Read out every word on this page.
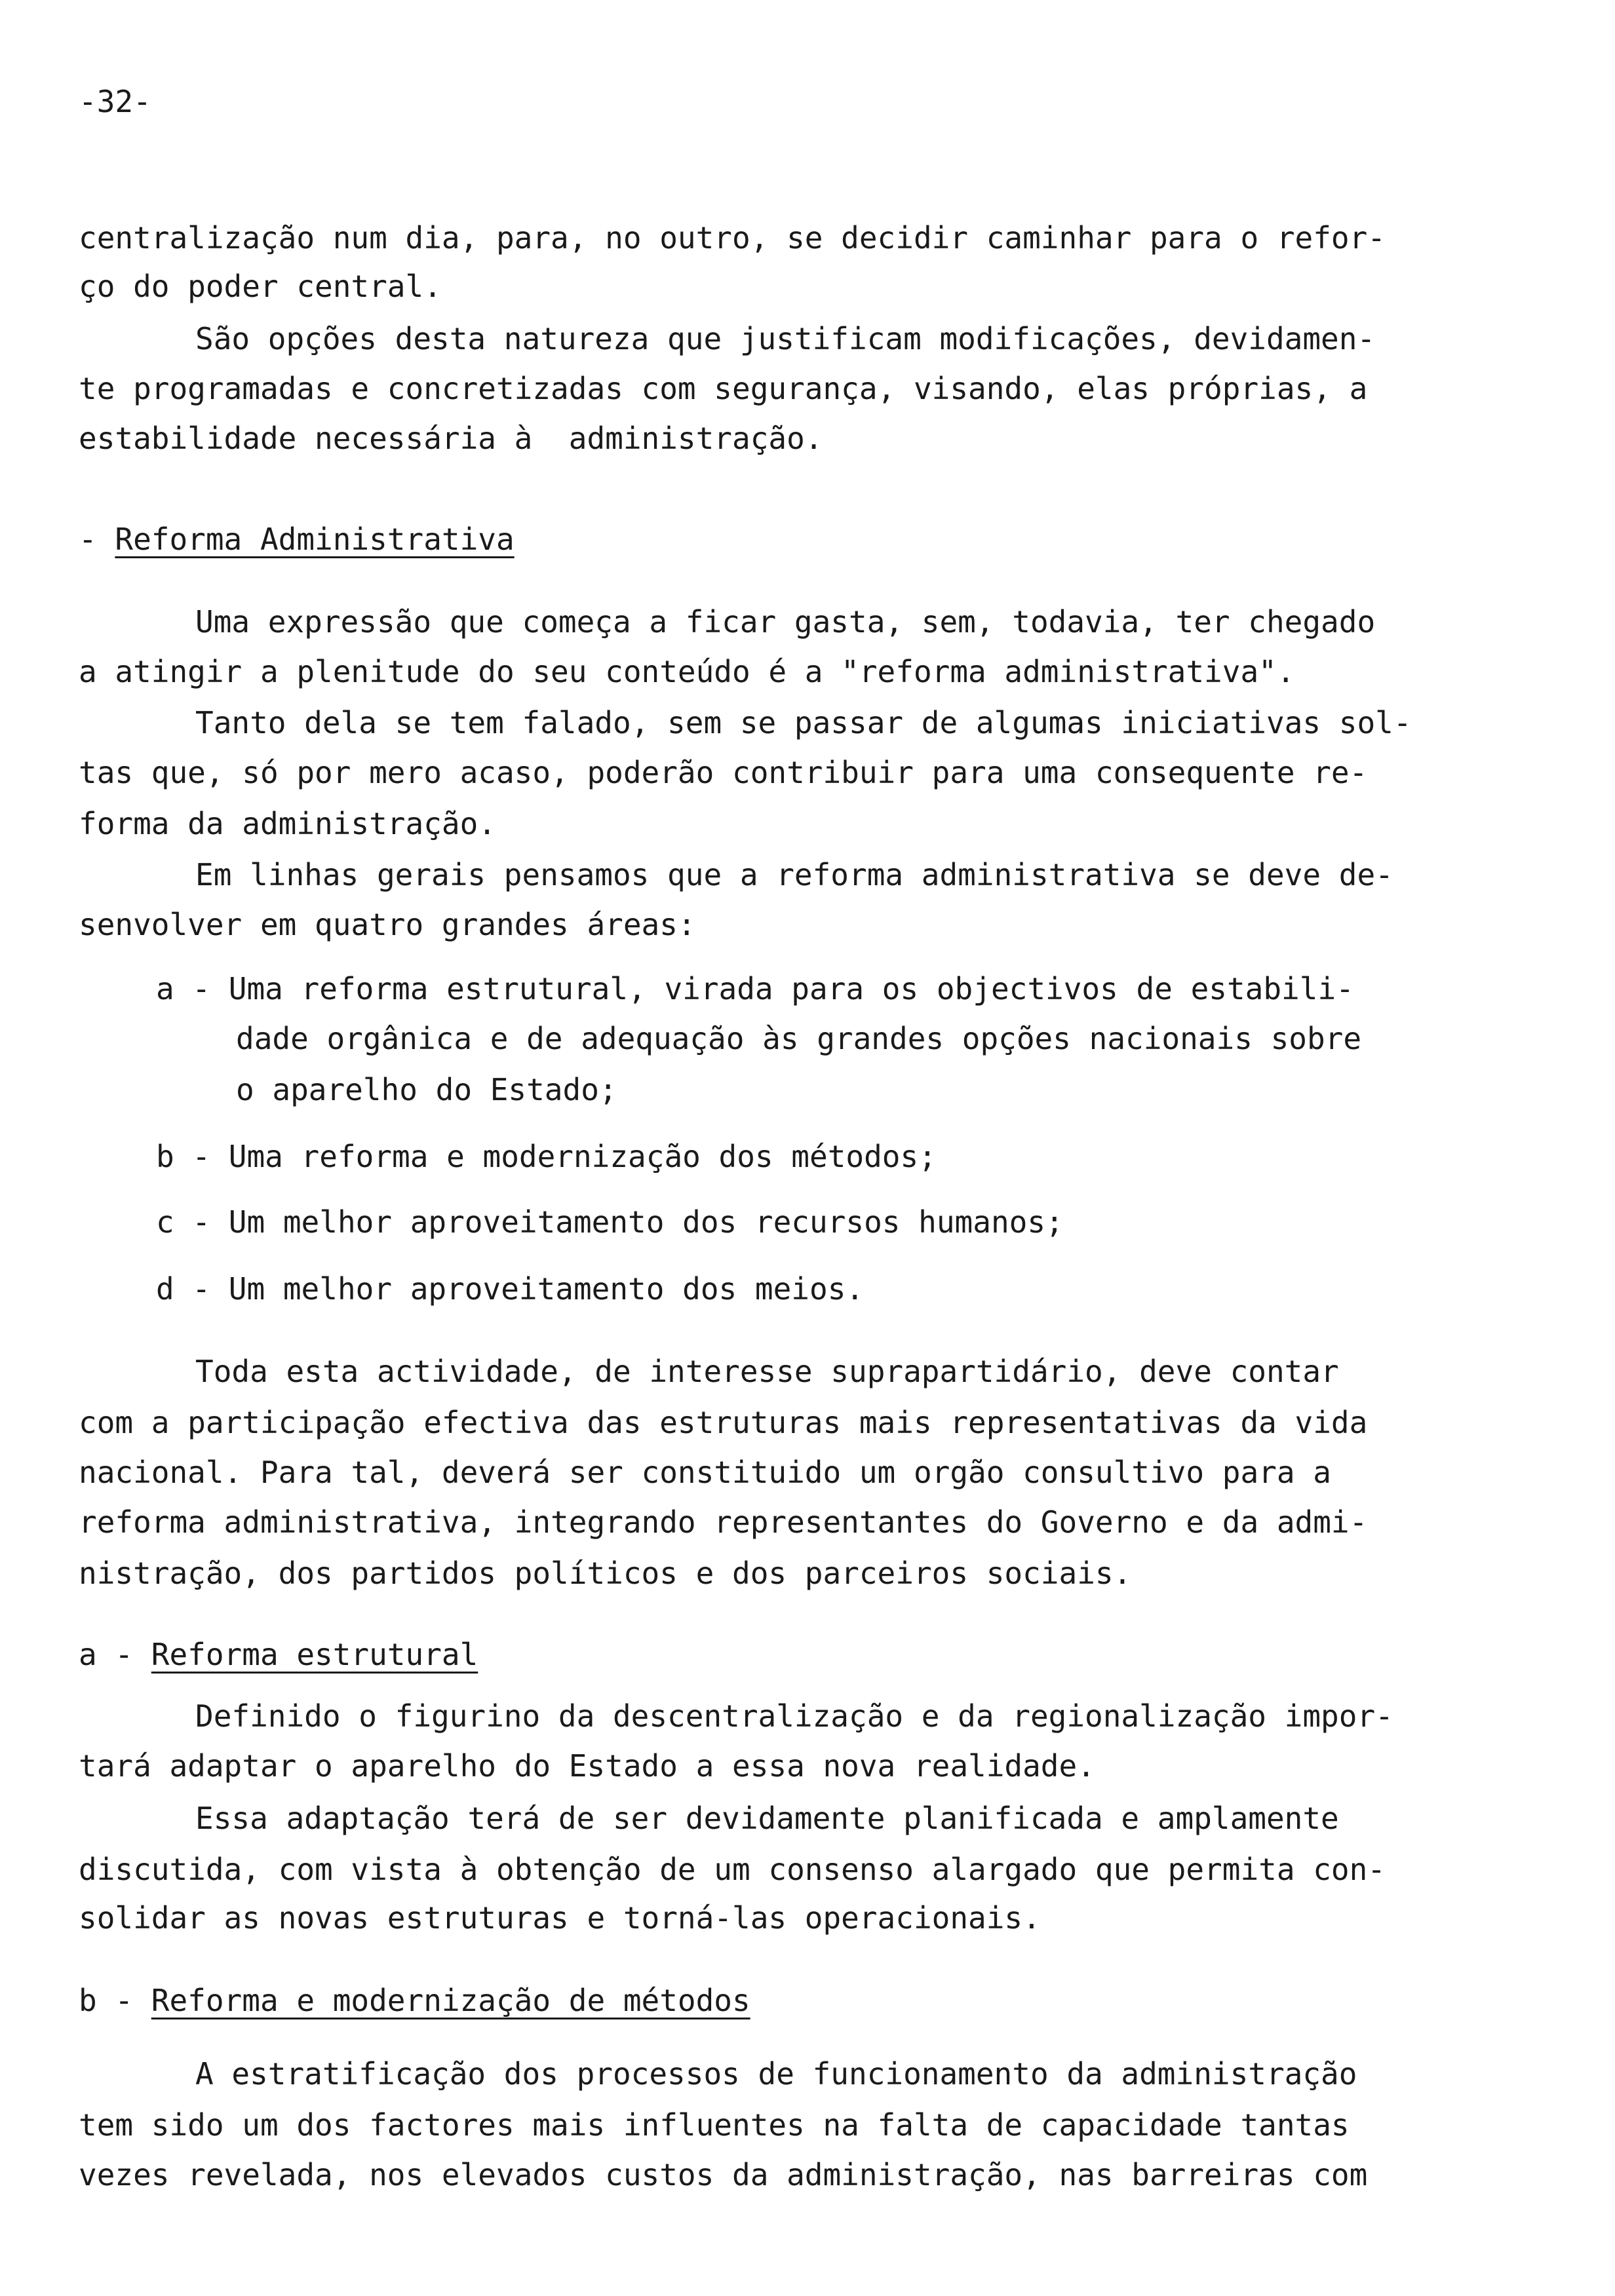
-32-
centralização num dia, para, no outro, se decidir caminhar para o refor-
ço do poder central.
São opções desta natureza que justificam modificações, devidamen-
te programadas e concretizadas com segurança, visando, elas próprias, a
estabilidade necessária à  administração.
- Reforma Administrativa
Uma expressão que começa a ficar gasta, sem, todavia, ter chegado
a atingir a plenitude do seu conteúdo é a "reforma administrativa".
Tanto dela se tem falado, sem se passar de algumas iniciativas sol-
tas que, só por mero acaso, poderão contribuir para uma consequente re-
forma da administração.
Em linhas gerais pensamos que a reforma administrativa se deve de-
senvolver em quatro grandes áreas:
a - Uma reforma estrutural, virada para os objectivos de estabili-
dade orgânica e de adequação às grandes opções nacionais sobre
o aparelho do Estado;
b - Uma reforma e modernização dos métodos;
c - Um melhor aproveitamento dos recursos humanos;
d - Um melhor aproveitamento dos meios.
Toda esta actividade, de interesse suprapartidário, deve contar
com a participação efectiva das estruturas mais representativas da vida
nacional. Para tal, deverá ser constituido um orgão consultivo para a
reforma administrativa, integrando representantes do Governo e da admi-
nistração, dos partidos políticos e dos parceiros sociais.
a - Reforma estrutural
Definido o figurino da descentralização e da regionalização impor-
tará adaptar o aparelho do Estado a essa nova realidade.
Essa adaptação terá de ser devidamente planificada e amplamente
discutida, com vista à obtenção de um consenso alargado que permita con-
solidar as novas estruturas e torná-las operacionais.
b - Reforma e modernização de métodos
A estratificação dos processos de funcionamento da administração
tem sido um dos factores mais influentes na falta de capacidade tantas
vezes revelada, nos elevados custos da administração, nas barreiras com
